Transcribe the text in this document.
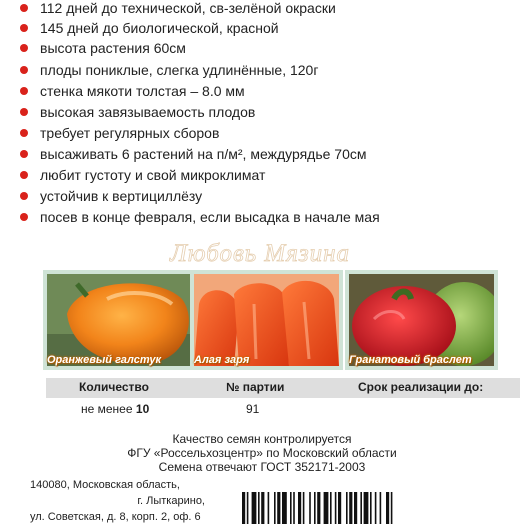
112 дней до технической, св-зелёной окраски
145 дней до биологической, красной
высота растения 60см
плоды пониклые, слегка удлинённые, 120г
стенка мякоти толстая – 8.0 мм
высокая завязываемость плодов
требует регулярных сборов
высаживать 6 растений на п/м², междурядье 70см
любит густоту и свой микроклимат
устойчив к вертициллёзу
посев в конце февраля, если высадка в начале мая
Любовь Мязина
Оранжевый галстук	Алая заря	Гранатовый браслет
Количество	№ партии	Срок реализации до:
не менее 10	91
Качество семян контролируется
ФГУ «Россельхозцентр» по Московский области
Семена отвечают ГОСТ 352171-2003
140080, Московская область,
г. Лыткарино,
ул. Советская, д. 8, корп. 2, оф. 6
